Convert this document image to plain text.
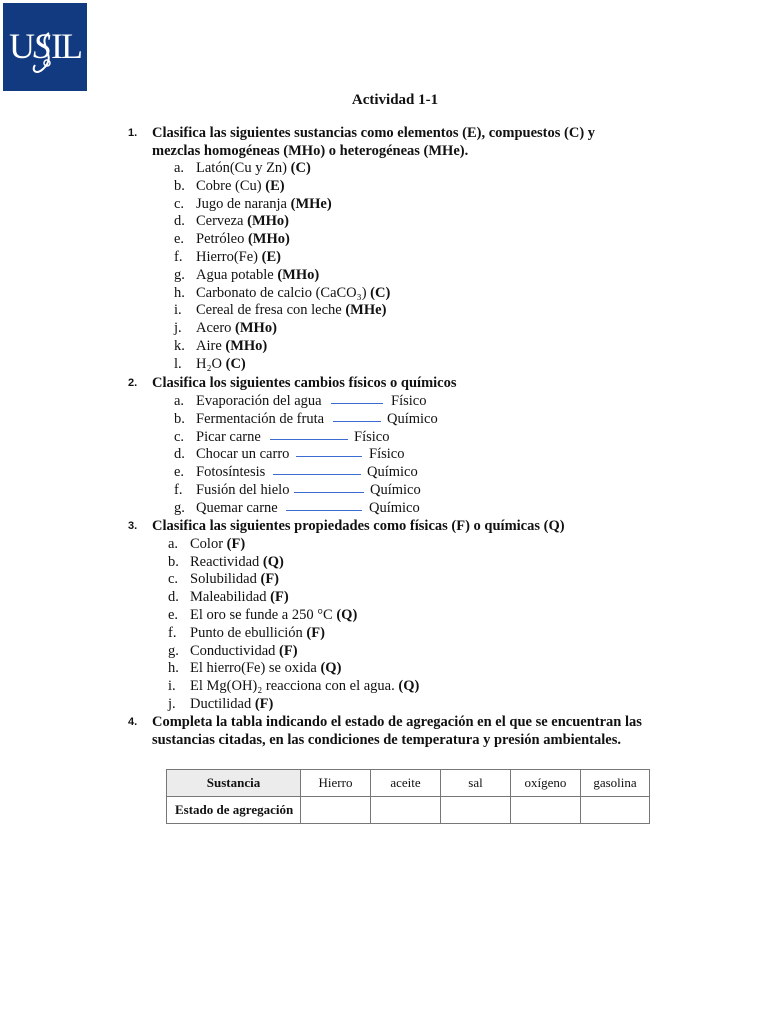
U
S I
L
Actividad 1-1
1. Clasifica las siguientes sustancias como elementos (E), compuestos (C) y
mezclas homogéneas (MHo) o heterogéneas (MHe).
a. Latón(Cu y Zn) (C)
b. Cobre (Cu) (E)
c. Jugo de naranja (MHe)
d. Cerveza (MHo)
e. Petróleo (MHo)
f. Hierro(Fe) (E)
g. Agua potable (MHo)
h. Carbonato de calcio (CaCO₃) (C)
i. Cereal de fresa con leche (MHe)
j. Acero (MHo)
k. Aire (MHo)
l. H₂O (C)
2. Clasifica los siguientes cambios físicos o químicos
a. Evaporación del agua	Físico
b. Fermentación de fruta	Químico
c. Picar carne	Físico
d. Chocar un carro	Físico
e. Fotosíntesis	Químico
f. Fusión del hielo	Químico
g. Quemar carne	Químico
3. Clasifica las siguientes propiedades como físicas (F) o químicas (Q)
a. Color (F)
b. Reactividad (Q)
c. Solubilidad (F)
d. Maleabilidad (F)
e. El oro se funde a 250 °C (Q)
f. Punto de ebullición (F)
g. Conductividad (F)
h. El hierro(Fe) se oxida (Q)
i. El Mg(OH)₂ reacciona con el agua. (Q)
j. Ductilidad (F)
4. Completa la tabla indicando el estado de agregación en el que se encuentran las
sustancias citadas, en las condiciones de temperatura y presión ambientales.
Sustancia	Hierro	aceite	sal	oxígeno	gasolina
Estado de agregación					
